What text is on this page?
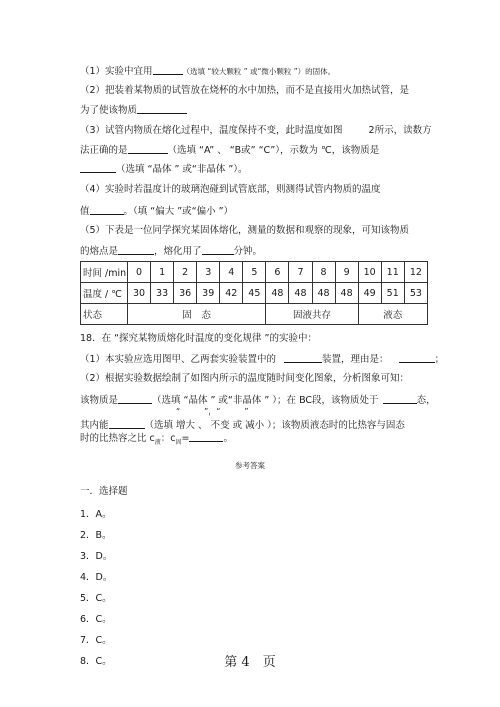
（1）实验中宜用	（选填 “较大颗粒 ” 或“微小颗粒 ”）的固体。
（2）把装着某物质的试管放在烧杯的水中加热，而不是直接用火加热试管，是
为了使该物质
（3）试管内物质在熔化过程中，温度保持不变，此时温度如图	2所示，读数方
法正确的是	（选填 “A” 、 “B或” “C”），示数为 ℃，该物质是
（选填 “晶体 ” 或“非晶体 ”）。
（4）实验时若温度计的玻璃泡碰到试管底部，则测得试管内物质的温度
值	。（填 “偏大 ”或“偏小 ”）
（5）下表是一位同学探究某固体熔化，测量的数据和观察的现象，可知该物质
的熔点是	，熔化用了	分钟。
时间 /min	0	1	2	3	4	5	6	7	8	9	10	11	12
温度 / ℃	30	33	36	39	42	45	48	48	48	48	49	51	53
状态	固　态						固液共存				液态		
18．在 “探究某物质熔化时温度的变化规律 ”的实验中：
（1）本实验应选用图甲、乙两套实验装置中的	装置，理由是：	；
（2）根据实验数据绘制了如图内所示的温度随时间变化图象，分析图象可知：
该物质是	（选填 “晶体 ” 或“非晶体 ” ）；在 BC段，该物质处于	态，
“　　　”，“　　　”
其内能	（选填 增大 、 不变 或 减小 ）；该物质液态时的比热容与固态
时的比热容之比 $c_液$：$c_固=$	。
参考答案
一．选择题
1．A。
2．B。
3．D。
4．D。
5．C。
6．C。
7．C。
8．C。	第 4　页
